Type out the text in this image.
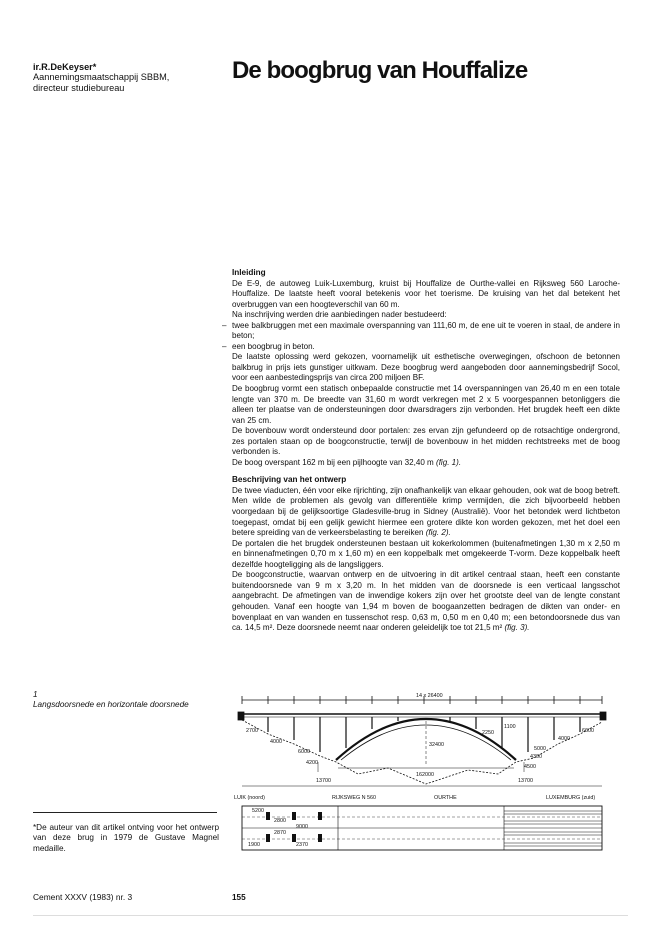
ir.R.DeKeyser*
Aannemingsmaatschappij SBBM,
directeur studiebureau
De boogbrug van Houffalize
Inleiding

De E-9, de autoweg Luik-Luxemburg, kruist bij Houffalize de Ourthe-vallei en Rijksweg 560 Laroche-Houffalize. De laatste heeft vooral betekenis voor het toerisme. De kruising van het dal betekent het overbruggen van een hoogteverschil van 60 m.

Na inschrijving werden drie aanbiedingen nader bestudeerd:

– twee balkbruggen met een maximale overspanning van 111,60 m, de ene uit te voeren in staal, de andere in beton;

– een boogbrug in beton.

De laatste oplossing werd gekozen, voornamelijk uit esthetische overwegingen, ofschoon de betonnen balkbrug in prijs iets gunstiger uitkwam. Deze boogbrug werd aangeboden door aannemingsbedrijf Socol, voor een aanbestedingsprijs van circa 200 miljoen BF.

De boogbrug vormt een statisch onbepaalde constructie met 14 overspanningen van 26,40 m en een totale lengte van 370 m. De breedte van 31,60 m wordt verkregen met 2 x 5 voorgespannen betonliggers die alleen ter plaatse van de ondersteuningen door dwarsdragers zijn verbonden. Het brugdek heeft een dikte van 25 cm.

De bovenbouw wordt ondersteund door portalen: zes ervan zijn gefundeerd op de rotsachtige ondergrond, zes portalen staan op de boogconstructie, terwijl de bovenbouw in het midden rechtstreeks met de boog verbonden is.

De boog overspant 162 m bij een pijlhoogte van 32,40 m (fig. 1).

Beschrijving van het ontwerp

De twee viaducten, één voor elke rijrichting, zijn onafhankelijk van elkaar gehouden, ook wat de boog betreft. Men wilde de problemen als gevolg van differentiële krimp vermijden, die zich bijvoorbeeld hebben voorgedaan bij de gelijksoortige Gladesville-brug in Sidney (Australië). Voor het betondek werd lichtbeton toegepast, omdat bij een gelijk gewicht hiermee een grotere dikte kon worden gekozen, met het doel een betere spreiding van de verkeersbelasting te bereiken (fig. 2).

De portalen die het brugdek ondersteunen bestaan uit kokerkolommen (buitenafmetingen 1,30 m x 2,50 m en binnenafmetingen 0,70 m x 1,60 m) en een koppelbalk met omgekeerde T-vorm. Deze koppelbalk heeft dezelfde hoogteligging als de langsliggers.

De boogconstructie, waarvan ontwerp en de uitvoering in dit artikel centraal staan, heeft een constante buitendoorsnede van 9 m x 3,20 m. In het midden van de doorsnede is een verticaal langsschot aangebracht. De afmetingen van de inwendige kokers zijn over het grootste deel van de lengte constant gehouden. Vanaf een hoogte van 1,94 m boven de boogaanzetten bedragen de dikten van onder- en bovenplaat en van wanden en tussenschot resp. 0,63 m, 0,50 m en 0,40 m; een betondoorsnede dus van ca. 14,5 m². Deze doorsnede neemt naar onderen geleidelijk toe tot 21,5 m² (fig. 3).

1
Langsdoorsnede en horizontale doorsnede
*De auteur van dit artikel ontving voor het ontwerp van deze brug in 1979 de Gustave Magnel medaille.
14 x 26400
2700
4000
6000
4200
13700
32400
162000
1100
2250
5000
4300
4000
6600
13700
4500
LUIK (noord)	RIJKSWEG N 560	OURTHE	LUXEMBURG (zuid)
5200
2800
2870
9000
1900	2370
Cement XXXV (1983) nr. 3	155
